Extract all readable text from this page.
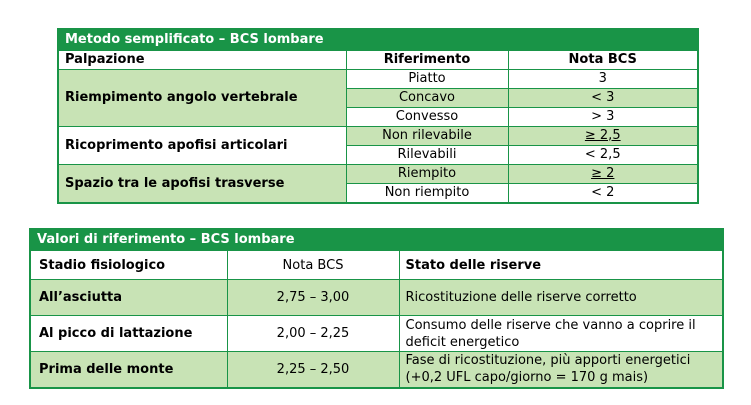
Metodo semplificato – BCS lombare		
Palpazione	Riferimento	Nota BCS
Riempimento angolo vertebrale	Piatto	3
	Concavo	< 3
	Convesso	> 3
Ricoprimento apofisi articolari	Non rilevabile	≥ 2,5
	Rilevabili	< 2,5
Spazio tra le apofisi trasverse	Riempito	≥ 2
	Non riempito	< 2
Valori di riferimento – BCS lombare		
Stadio fisiologico	Nota BCS	Stato delle riserve
All’asciutta	2,75 – 3,00	Ricostituzione delle riserve corretto
Al picco di lattazione	2,00 – 2,25	Consumo delle riserve che vanno a coprire il deficit energetico
Prima delle monte	2,25 – 2,50	Fase di ricostituzione, più apporti energetici (+0,2 UFL capo/giorno = 170 g mais)
